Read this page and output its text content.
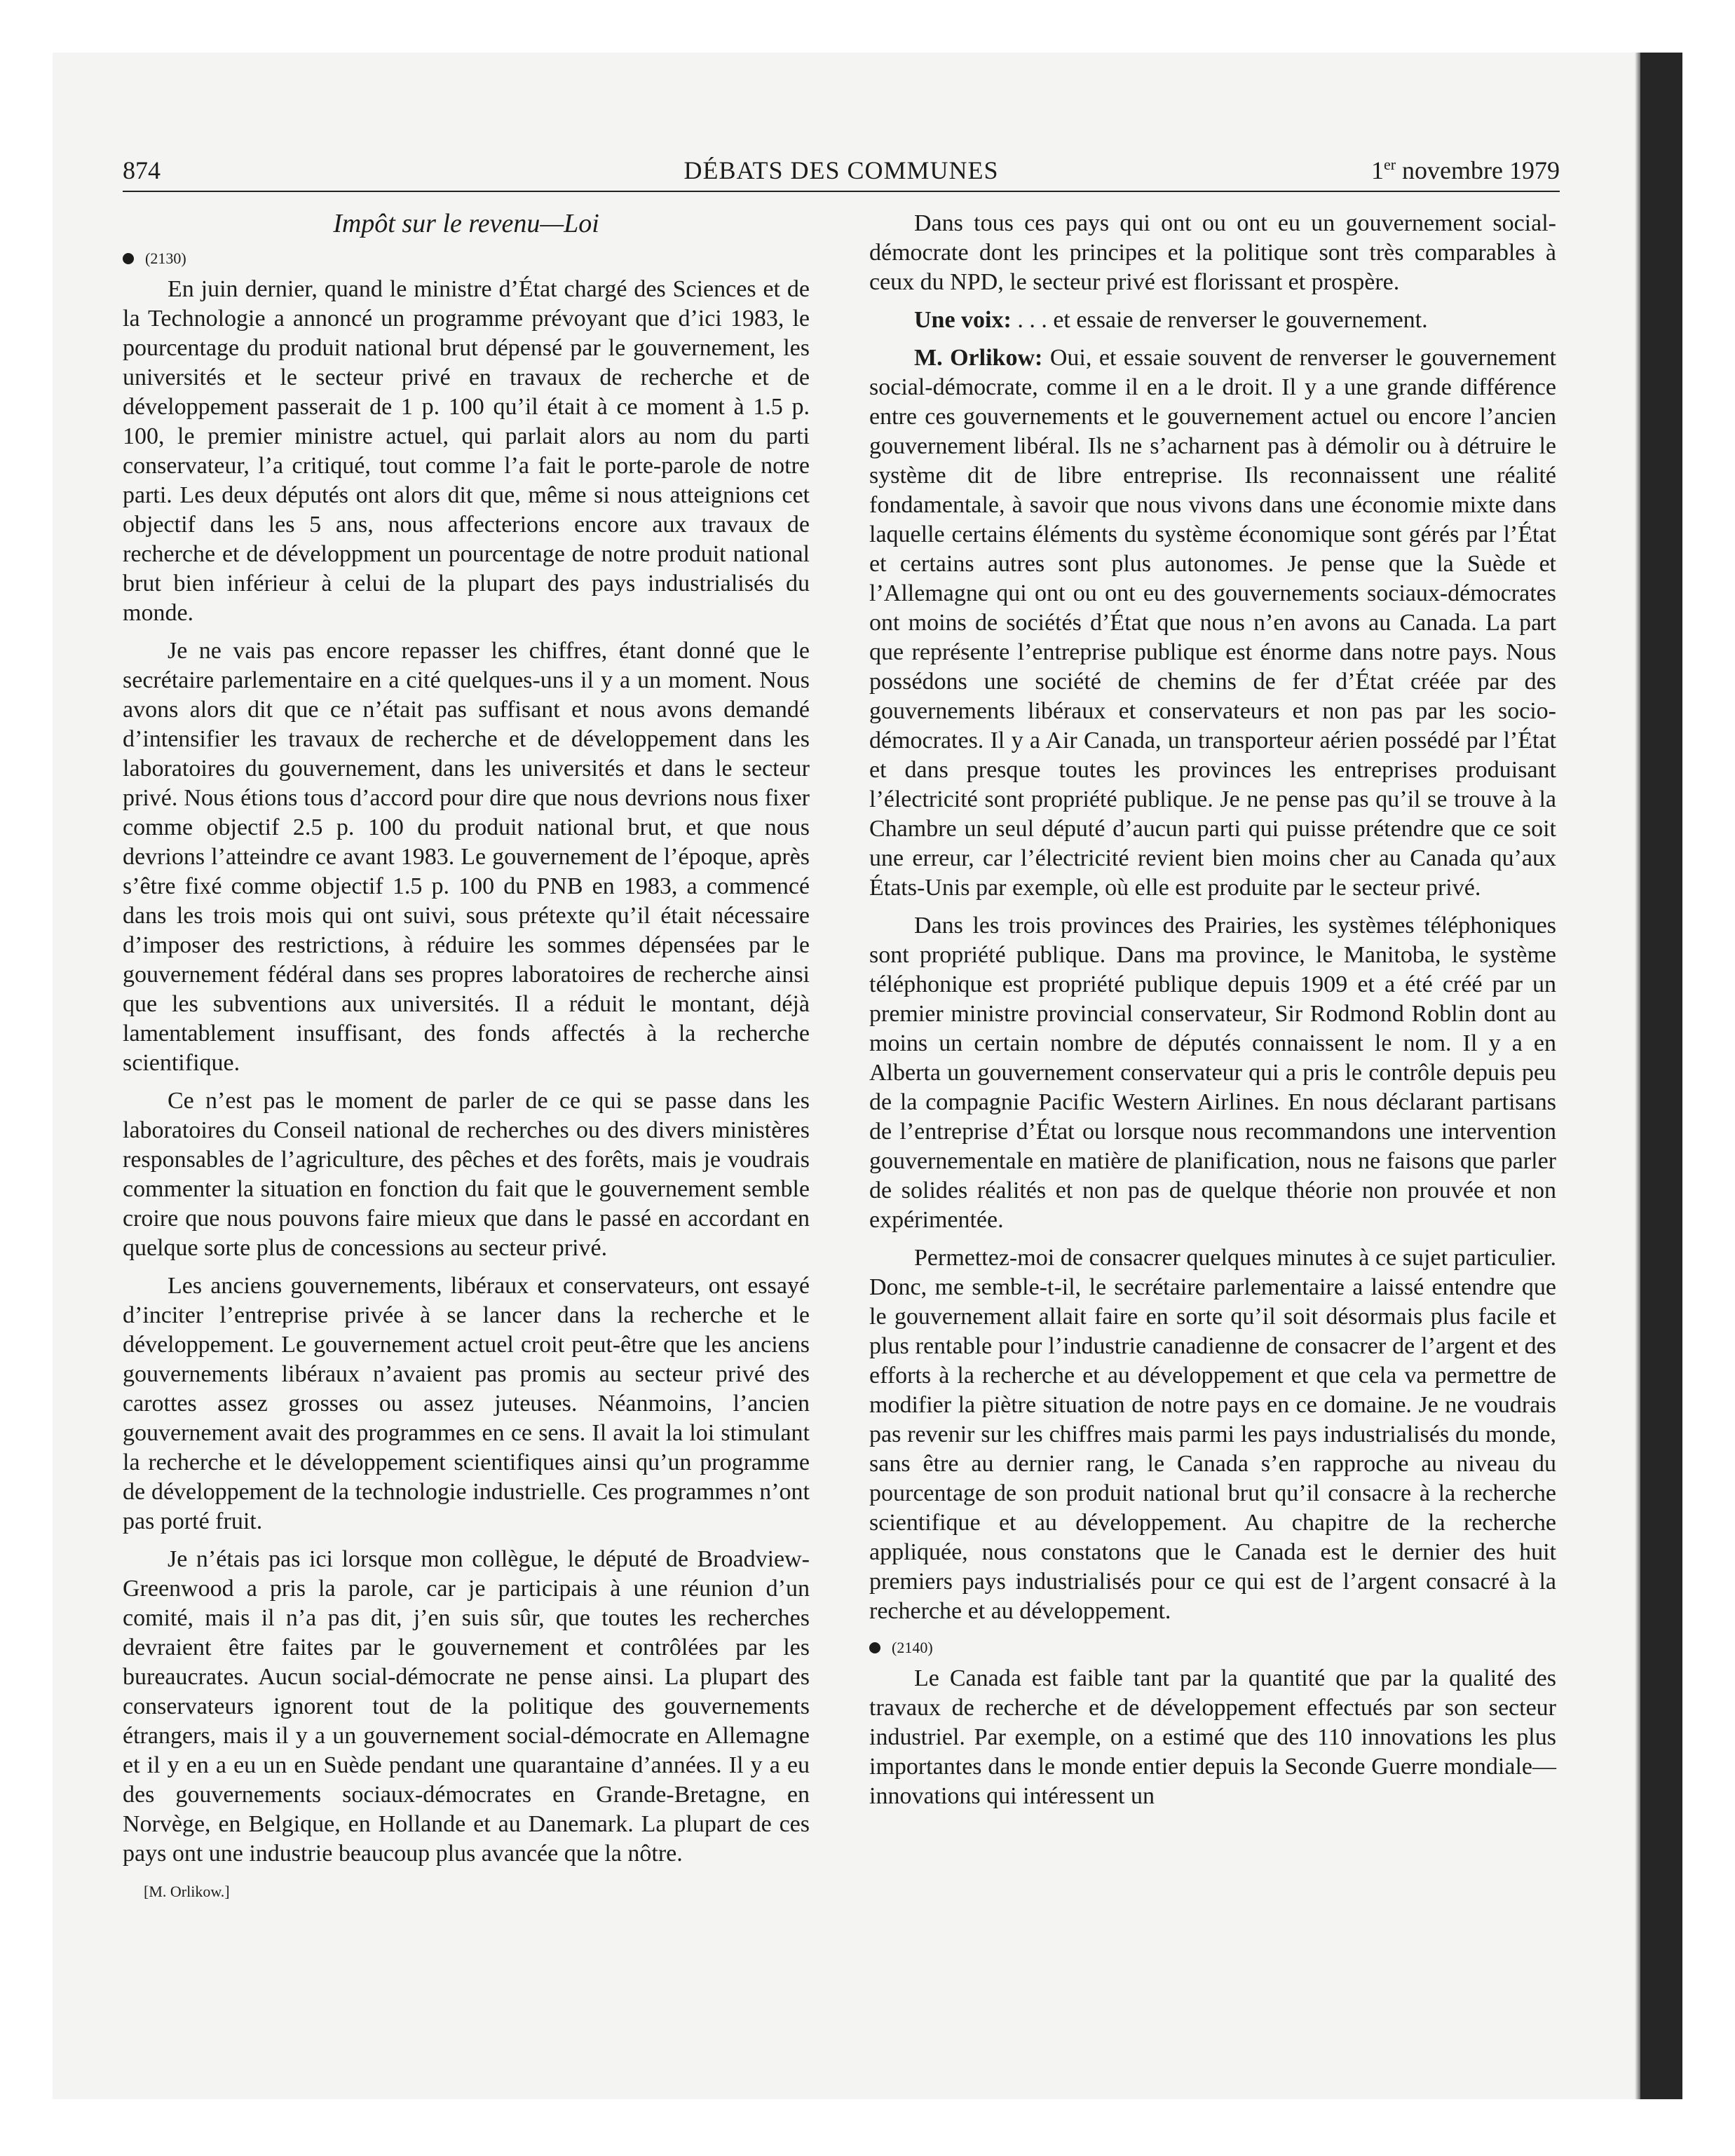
874	DÉBATS DES COMMUNES	1er novembre 1979
Impôt sur le revenu—Loi
(2130)

En juin dernier, quand le ministre d’État chargé des Sciences et de la Technologie a annoncé un programme prévoyant que d’ici 1983, le pourcentage du produit national brut dépensé par le gouvernement, les universités et le secteur privé en travaux de recherche et de développement passerait de 1 p. 100 qu’il était à ce moment à 1.5 p. 100, le premier ministre actuel, qui parlait alors au nom du parti conservateur, l’a critiqué, tout comme l’a fait le porte-parole de notre parti. Les deux députés ont alors dit que, même si nous atteignions cet objectif dans les 5 ans, nous affecterions encore aux travaux de recherche et de développment un pourcentage de notre produit national brut bien inférieur à celui de la plupart des pays industrialisés du monde.

Je ne vais pas encore repasser les chiffres, étant donné que le secrétaire parlementaire en a cité quelques-uns il y a un moment. Nous avons alors dit que ce n’était pas suffisant et nous avons demandé d’intensifier les travaux de recherche et de développement dans les laboratoires du gouvernement, dans les universités et dans le secteur privé. Nous étions tous d’accord pour dire que nous devrions nous fixer comme objectif 2.5 p. 100 du produit national brut, et que nous devrions l’atteindre ce avant 1983. Le gouvernement de l’époque, après s’être fixé comme objectif 1.5 p. 100 du PNB en 1983, a commencé dans les trois mois qui ont suivi, sous prétexte qu’il était nécessaire d’imposer des restrictions, à réduire les sommes dépensées par le gouvernement fédéral dans ses propres laboratoires de recherche ainsi que les subventions aux universités. Il a réduit le montant, déjà lamentablement insuffisant, des fonds affectés à la recherche scientifique.

Ce n’est pas le moment de parler de ce qui se passe dans les laboratoires du Conseil national de recherches ou des divers ministères responsables de l’agriculture, des pêches et des forêts, mais je voudrais commenter la situation en fonction du fait que le gouvernement semble croire que nous pouvons faire mieux que dans le passé en accordant en quelque sorte plus de concessions au secteur privé.

Les anciens gouvernements, libéraux et conservateurs, ont essayé d’inciter l’entreprise privée à se lancer dans la recherche et le développement. Le gouvernement actuel croit peut-être que les anciens gouvernements libéraux n’avaient pas promis au secteur privé des carottes assez grosses ou assez juteuses. Néanmoins, l’ancien gouvernement avait des programmes en ce sens. Il avait la loi stimulant la recherche et le développement scientifiques ainsi qu’un programme de développement de la technologie industrielle. Ces programmes n’ont pas porté fruit.

Je n’étais pas ici lorsque mon collègue, le député de Broadview-Greenwood a pris la parole, car je participais à une réunion d’un comité, mais il n’a pas dit, j’en suis sûr, que toutes les recherches devraient être faites par le gouvernement et contrôlées par les bureaucrates. Aucun social-démocrate ne pense ainsi. La plupart des conservateurs ignorent tout de la politique des gouvernements étrangers, mais il y a un gouvernement social-démocrate en Allemagne et il y en a eu un en Suède pendant une quarantaine d’années. Il y a eu des gouvernements sociaux-démocrates en Grande-Bretagne, en Norvège, en Belgique, en Hollande et au Danemark. La plupart de ces pays ont une industrie beaucoup plus avancée que la nôtre.

[M. Orlikow.]

Dans tous ces pays qui ont ou ont eu un gouvernement social-démocrate dont les principes et la politique sont très comparables à ceux du NPD, le secteur privé est florissant et prospère.

Une voix: . . . et essaie de renverser le gouvernement.

M. Orlikow: Oui, et essaie souvent de renverser le gouvernement social-démocrate, comme il en a le droit. Il y a une grande différence entre ces gouvernements et le gouvernement actuel ou encore l’ancien gouvernement libéral. Ils ne s’acharnent pas à démolir ou à détruire le système dit de libre entreprise. Ils reconnaissent une réalité fondamentale, à savoir que nous vivons dans une économie mixte dans laquelle certains éléments du système économique sont gérés par l’État et certains autres sont plus autonomes. Je pense que la Suède et l’Allemagne qui ont ou ont eu des gouvernements sociaux-démocrates ont moins de sociétés d’État que nous n’en avons au Canada. La part que représente l’entreprise publique est énorme dans notre pays. Nous possédons une société de chemins de fer d’État créée par des gouvernements libéraux et conservateurs et non pas par les socio-démocrates. Il y a Air Canada, un transporteur aérien possédé par l’État et dans presque toutes les provinces les entreprises produisant l’électricité sont propriété publique. Je ne pense pas qu’il se trouve à la Chambre un seul député d’aucun parti qui puisse prétendre que ce soit une erreur, car l’électricité revient bien moins cher au Canada qu’aux États-Unis par exemple, où elle est produite par le secteur privé.

Dans les trois provinces des Prairies, les systèmes téléphoniques sont propriété publique. Dans ma province, le Manitoba, le système téléphonique est propriété publique depuis 1909 et a été créé par un premier ministre provincial conservateur, Sir Rodmond Roblin dont au moins un certain nombre de députés connaissent le nom. Il y a en Alberta un gouvernement conservateur qui a pris le contrôle depuis peu de la compagnie Pacific Western Airlines. En nous déclarant partisans de l’entreprise d’État ou lorsque nous recommandons une intervention gouvernementale en matière de planification, nous ne faisons que parler de solides réalités et non pas de quelque théorie non prouvée et non expérimentée.

Permettez-moi de consacrer quelques minutes à ce sujet particulier. Donc, me semble-t-il, le secrétaire parlementaire a laissé entendre que le gouvernement allait faire en sorte qu’il soit désormais plus facile et plus rentable pour l’industrie canadienne de consacrer de l’argent et des efforts à la recherche et au développement et que cela va permettre de modifier la piètre situation de notre pays en ce domaine. Je ne voudrais pas revenir sur les chiffres mais parmi les pays industrialisés du monde, sans être au dernier rang, le Canada s’en rapproche au niveau du pourcentage de son produit national brut qu’il consacre à la recherche scientifique et au développement. Au chapitre de la recherche appliquée, nous constatons que le Canada est le dernier des huit premiers pays industrialisés pour ce qui est de l’argent consacré à la recherche et au développement.

(2140)

Le Canada est faible tant par la quantité que par la qualité des travaux de recherche et de développement effectués par son secteur industriel. Par exemple, on a estimé que des 110 innovations les plus importantes dans le monde entier depuis la Seconde Guerre mondiale—innovations qui intéressent un
